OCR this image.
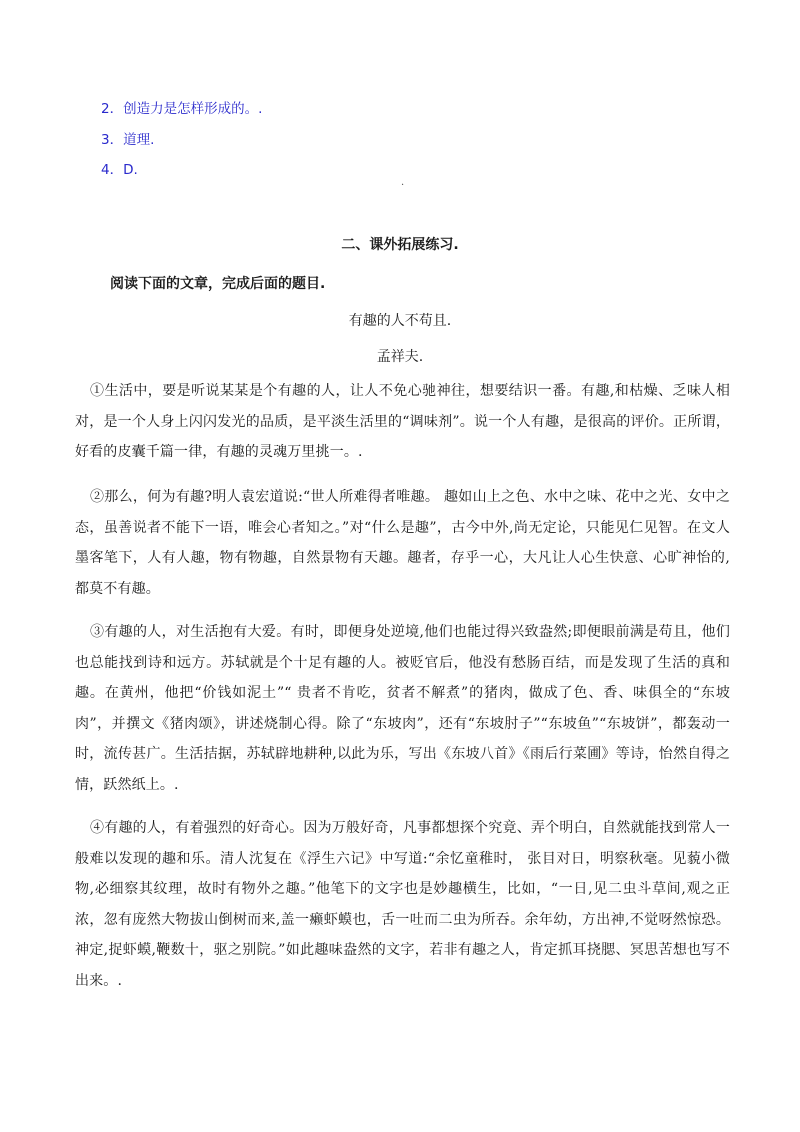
2．创造力是怎样形成的。.
3．道理.
4．D.
·
二、课外拓展练习.
阅读下面的文章，完成后面的题目.
有趣的人不苟且.
孟祥夫.

①生活中，要是听说某某是个有趣的人，让人不免心驰神往，想要结识一番。有趣,和枯燥、乏味人相对，是一个人身上闪闪发光的品质，是平淡生活里的“调味剂”。说一个人有趣，是很高的评价。正所谓，好看的皮囊千篇一律，有趣的灵魂万里挑一。.

②那么，何为有趣?明人袁宏道说:“世人所难得者唯趣。 趣如山上之色、水中之味、花中之光、女中之态，虽善说者不能下一语，唯会心者知之。”对“什么是趣”，古今中外,尚无定论，只能见仁见智。在文人墨客笔下，人有人趣，物有物趣，自然景物有天趣。趣者，存乎一心，大凡让人心生快意、心旷神怡的,都莫不有趣。

③有趣的人，对生活抱有大爱。有时，即便身处逆境,他们也能过得兴致盎然;即便眼前满是苟且，他们也总能找到诗和远方。苏轼就是个十足有趣的人。被贬官后，他没有愁肠百结，而是发现了生活的真和趣。在黄州，他把“价钱如泥土”“ 贵者不肯吃，贫者不解煮”的猪肉，做成了色、香、味俱全的“东坡肉”，并撰文《猪肉颂》，讲述烧制心得。除了“东坡肉”，还有“东坡肘子”“东坡鱼”“东坡饼”，都轰动一时，流传甚广。生活拮据，苏轼辟地耕种,以此为乐，写出《东坡八首》《雨后行菜圃》等诗，怡然自得之情，跃然纸上。.

④有趣的人，有着强烈的好奇心。因为万般好奇，凡事都想探个究竟、弄个明白，自然就能找到常人一般难以发现的趣和乐。清人沈复在《浮生六记》中写道:“余忆童稚时， 张目对日，明察秋毫。见藐小微物,必细察其纹理，故时有物外之趣。”他笔下的文字也是妙趣横生，比如，“一日,见二虫斗草间,观之正浓，忽有庞然大物拔山倒树而来,盖一癞虾蟆也，舌一吐而二虫为所吞。余年幼，方出神,不觉呀然惊恐。神定,捉虾蟆,鞭数十，驱之别院。”如此趣味盎然的文字，若非有趣之人，肯定抓耳挠腮、冥思苦想也写不出来。.
